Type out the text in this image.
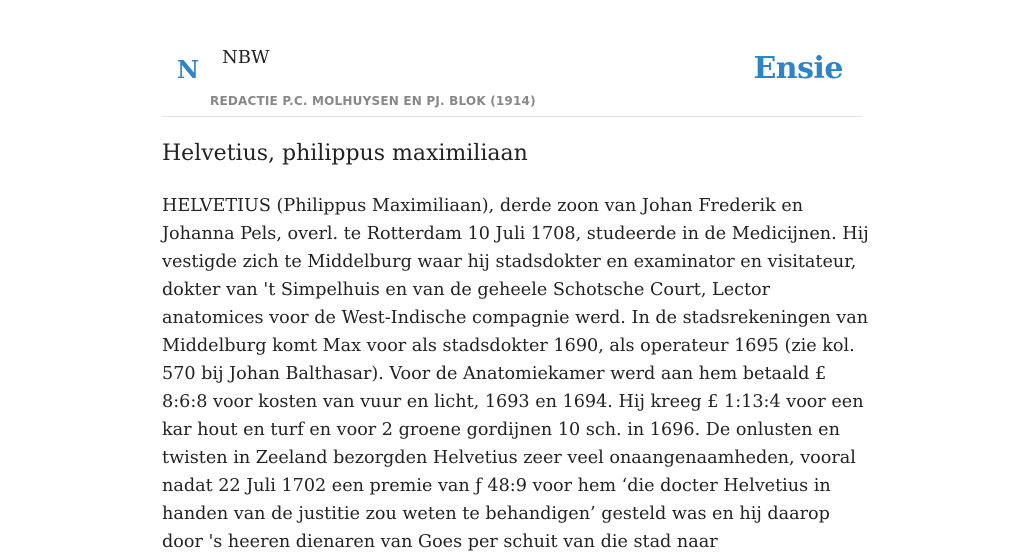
N NBW
REDACTIE P.C. MOLHUYSEN EN PJ. BLOK (1914)
Ensie
Helvetius, philippus maximiliaan

HELVETIUS (Philippus Maximiliaan), derde zoon van Johan Frederik en Johanna Pels, overl. te Rotterdam 10 Juli 1708, studeerde in de Medicijnen. Hij vestigde zich te Middelburg waar hij stadsdokter en examinator en visitateur, dokter van 't Simpelhuis en van de geheele Schotsche Court, Lector anatomices voor de West-Indische compagnie werd. In de stadsrekeningen van Middelburg komt Max voor als stadsdokter 1690, als operateur 1695 (zie kol. 570 bij Johan Balthasar). Voor de Anatomiekamer werd aan hem betaald £ 8:6:8 voor kosten van vuur en licht, 1693 en 1694. Hij kreeg £ 1:13:4 voor een kar hout en turf en voor 2 groene gordijnen 10 sch. in 1696. De onlusten en twisten in Zeeland bezorgden Helvetius zeer veel onaangenaamheden, vooral nadat 22 Juli 1702 een premie van ƒ 48:9 voor hem ‘die docter Helvetius in handen van de justitie zou weten te behandigen’ gesteld was en hij daarop door 's heeren dienaren van Goes per schuit van die stad naar
